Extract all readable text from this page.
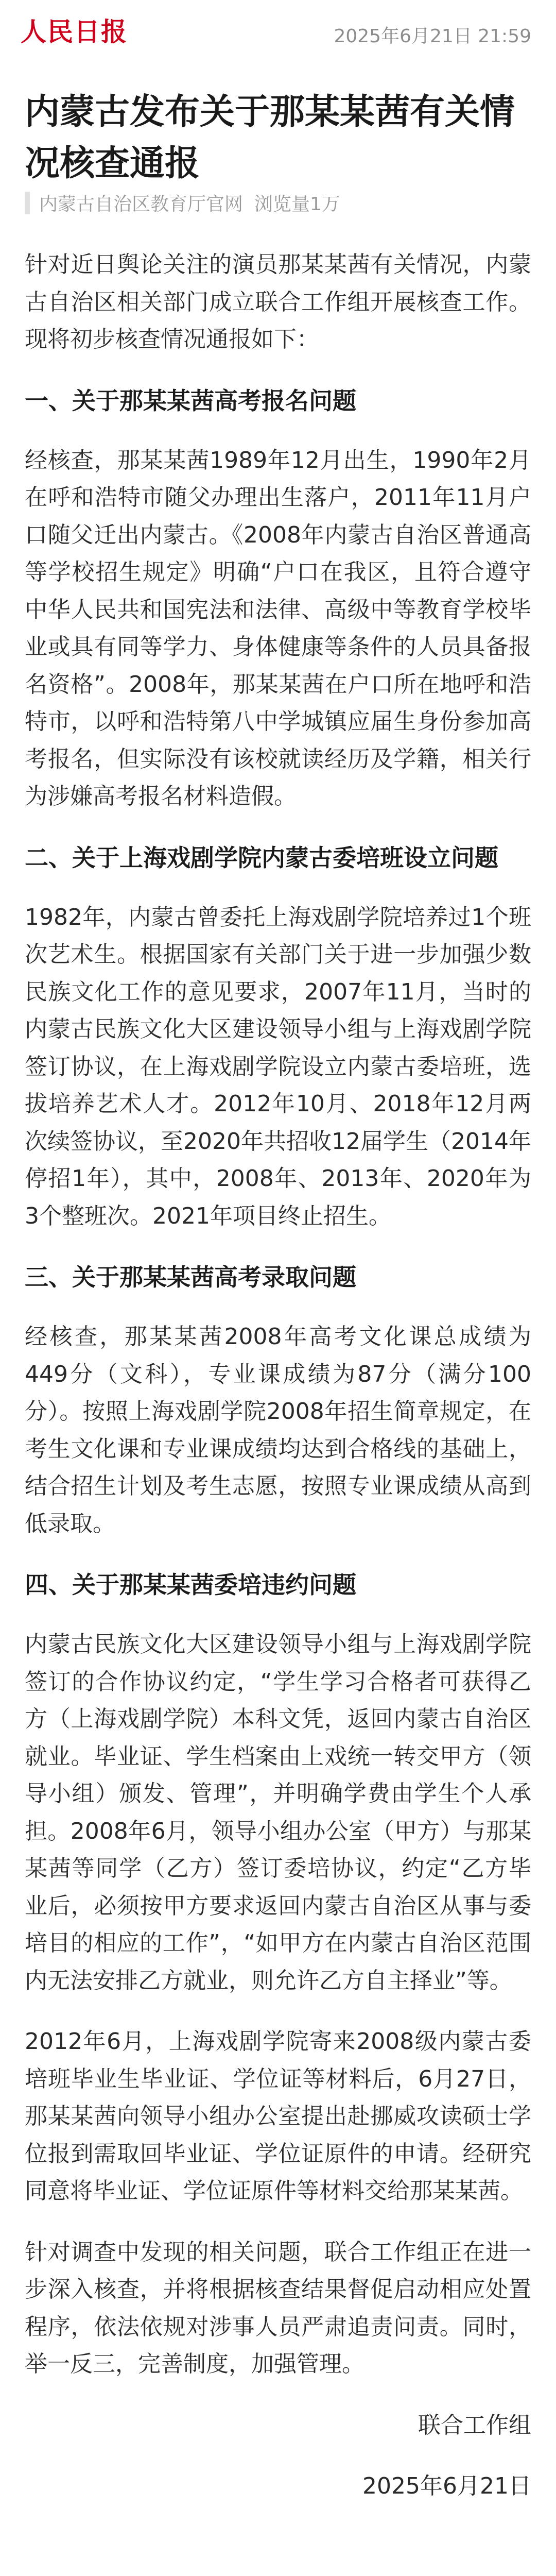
人民日报	2025年6月21日 21:59
内蒙古发布关于那某某茜有关情况核查通报
内蒙古自治区教育厅官网 浏览量1万
针对近日舆论关注的演员那某某茜有关情况，内蒙古自治区相关部门成立联合工作组开展核查工作。现将初步核查情况通报如下：
一、关于那某某茜高考报名问题
经核查，那某某茜1989年12月出生，1990年2月在呼和浩特市随父办理出生落户，2011年11月户口随父迁出内蒙古。《2008年内蒙古自治区普通高等学校招生规定》明确“户口在我区，且符合遵守中华人民共和国宪法和法律、高级中等教育学校毕业或具有同等学力、身体健康等条件的人员具备报名资格”。2008年，那某某茜在户口所在地呼和浩特市，以呼和浩特第八中学城镇应届生身份参加高考报名，但实际没有该校就读经历及学籍，相关行为涉嫌高考报名材料造假。
二、关于上海戏剧学院内蒙古委培班设立问题
1982年，内蒙古曾委托上海戏剧学院培养过1个班次艺术生。根据国家有关部门关于进一步加强少数民族文化工作的意见要求，2007年11月，当时的内蒙古民族文化大区建设领导小组与上海戏剧学院签订协议，在上海戏剧学院设立内蒙古委培班，选拔培养艺术人才。2012年10月、2018年12月两次续签协议，至2020年共招收12届学生（2014年停招1年），其中，2008年、2013年、2020年为3个整班次。2021年项目终止招生。
三、关于那某某茜高考录取问题
经核查，那某某茜2008年高考文化课总成绩为449分（文科），专业课成绩为87分（满分100分）。按照上海戏剧学院2008年招生简章规定，在考生文化课和专业课成绩均达到合格线的基础上，结合招生计划及考生志愿，按照专业课成绩从高到低录取。
四、关于那某某茜委培违约问题
内蒙古民族文化大区建设领导小组与上海戏剧学院签订的合作协议约定，“学生学习合格者可获得乙方（上海戏剧学院）本科文凭，返回内蒙古自治区就业。毕业证、学生档案由上戏统一转交甲方（领导小组）颁发、管理”，并明确学费由学生个人承担。2008年6月，领导小组办公室（甲方）与那某某茜等同学（乙方）签订委培协议，约定“乙方毕业后，必须按甲方要求返回内蒙古自治区从事与委培目的相应的工作”，“如甲方在内蒙古自治区范围内无法安排乙方就业，则允许乙方自主择业”等。
2012年6月，上海戏剧学院寄来2008级内蒙古委培班毕业生毕业证、学位证等材料后，6月27日，那某某茜向领导小组办公室提出赴挪威攻读硕士学位报到需取回毕业证、学位证原件的申请。经研究同意将毕业证、学位证原件等材料交给那某某茜。
针对调查中发现的相关问题，联合工作组正在进一步深入核查，并将根据核查结果督促启动相应处置程序，依法依规对涉事人员严肃追责问责。同时，举一反三，完善制度，加强管理。
联合工作组
2025年6月21日
